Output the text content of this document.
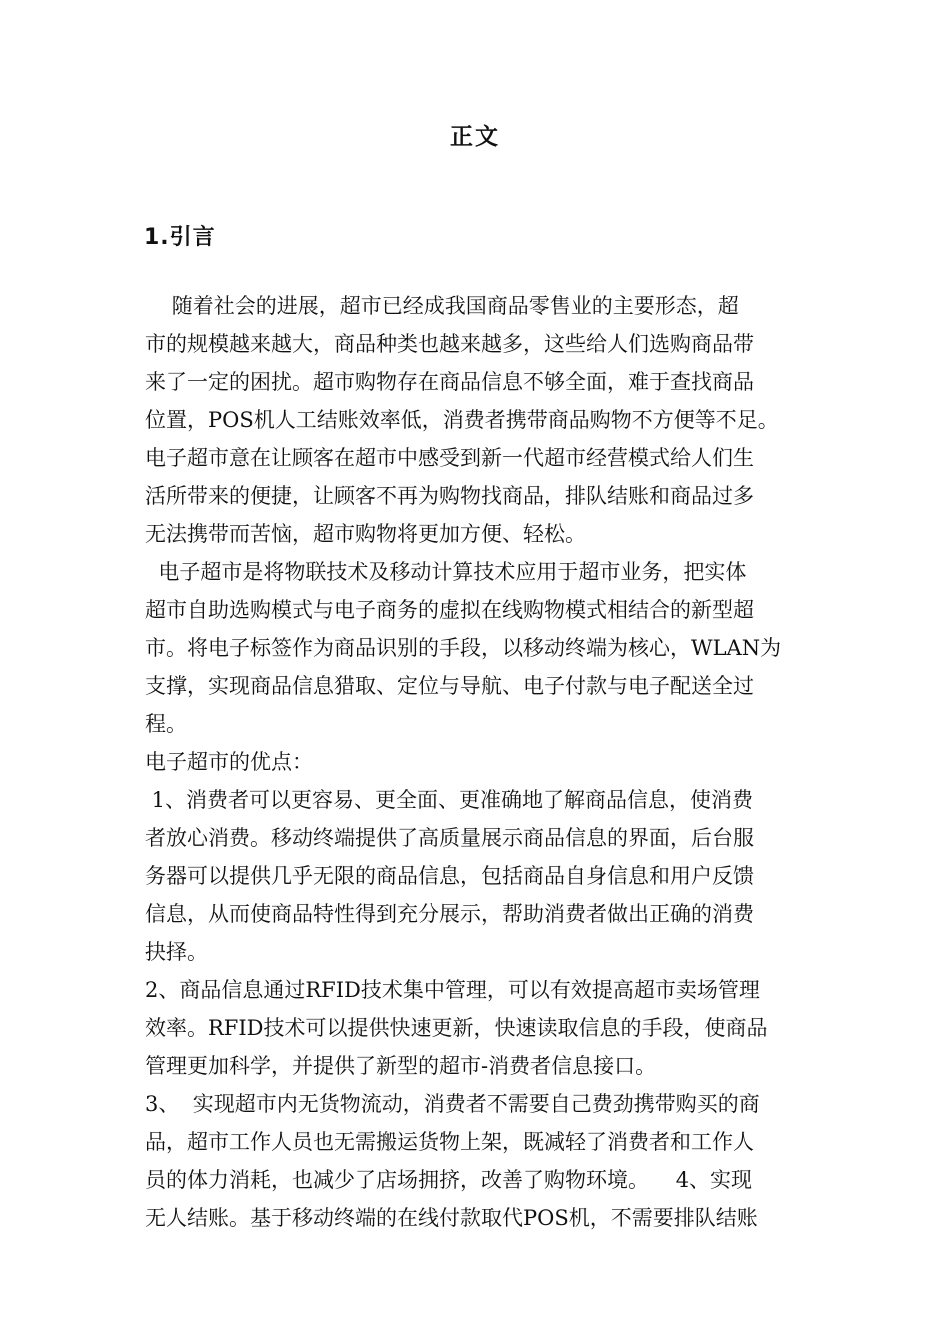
正文
1.引言
随着社会的进展，超市已经成我国商品零售业的主要形态，超
市的规模越来越大，商品种类也越来越多，这些给人们选购商品带
来了一定的困扰。超市购物存在商品信息不够全面，难于查找商品
位置，POS机人工结账效率低，消费者携带商品购物不方便等不足。
电子超市意在让顾客在超市中感受到新一代超市经营模式给人们生
活所带来的便捷，让顾客不再为购物找商品，排队结账和商品过多
无法携带而苦恼，超市购物将更加方便、轻松。
电子超市是将物联技术及移动计算技术应用于超市业务，把实体
超市自助选购模式与电子商务的虚拟在线购物模式相结合的新型超
市。将电子标签作为商品识别的手段，以移动终端为核心，WLAN为
支撑，实现商品信息猎取、定位与导航、电子付款与电子配送全过
程。
电子超市的优点：
1、消费者可以更容易、更全面、更准确地了解商品信息，使消费
者放心消费。移动终端提供了高质量展示商品信息的界面，后台服
务器可以提供几乎无限的商品信息，包括商品自身信息和用户反馈
信息，从而使商品特性得到充分展示，帮助消费者做出正确的消费
抉择。
2、商品信息通过RFID技术集中管理，可以有效提高超市卖场管理
效率。RFID技术可以提供快速更新，快速读取信息的手段，使商品
管理更加科学，并提供了新型的超市-消费者信息接口。
3、  实现超市内无货物流动，消费者不需要自己费劲携带购买的商
品，超市工作人员也无需搬运货物上架，既减轻了消费者和工作人
员的体力消耗，也减少了店场拥挤，改善了购物环境。    4、实现
无人结账。基于移动终端的在线付款取代POS机，不需要排队结账
